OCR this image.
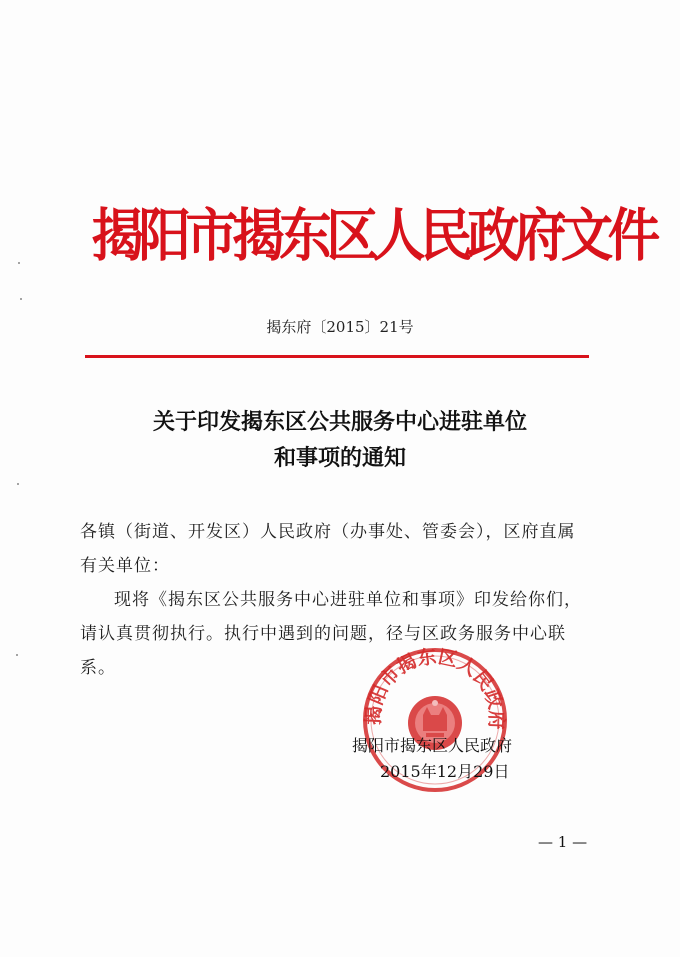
揭阳市揭东区人民政府文件
揭东府〔2015〕21号
关于印发揭东区公共服务中心进驻单位
和事项的通知
各镇（街道、开发区）人民政府（办事处、管委会），区府直属
有关单位：
现将《揭东区公共服务中心进驻单位和事项》印发给你们，
请认真贯彻执行。执行中遇到的问题，径与区政务服务中心联
系。
揭阳市揭东区人民政府
揭阳市揭东区人民政府
2015年12月29日
— 1 —
